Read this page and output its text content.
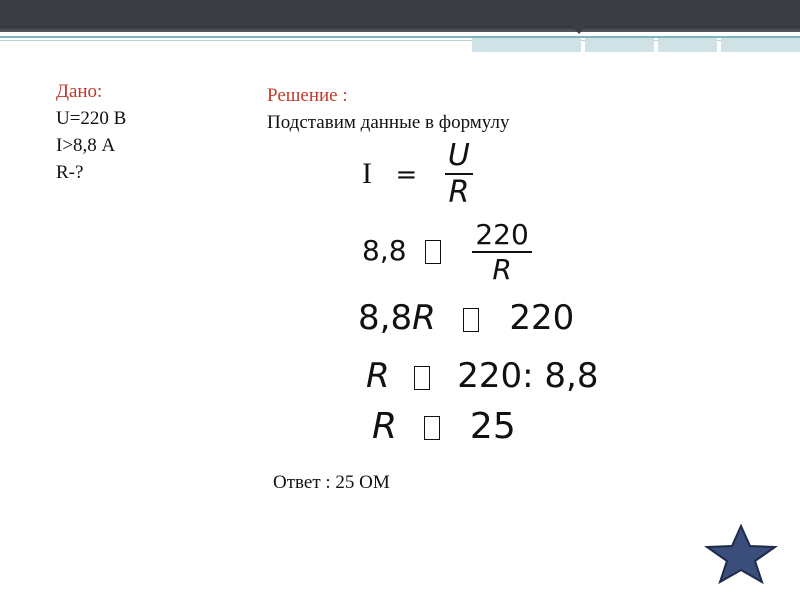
Дано:
U=220 В
I>8,8 А
R-?
Решение :
Подставим данные в формулу
$I = \frac{U}{R}$
$8,8 \frac{220}{R}$
8,8R 220
R 220: 8,8
R 25
Ответ : 25 ОМ
